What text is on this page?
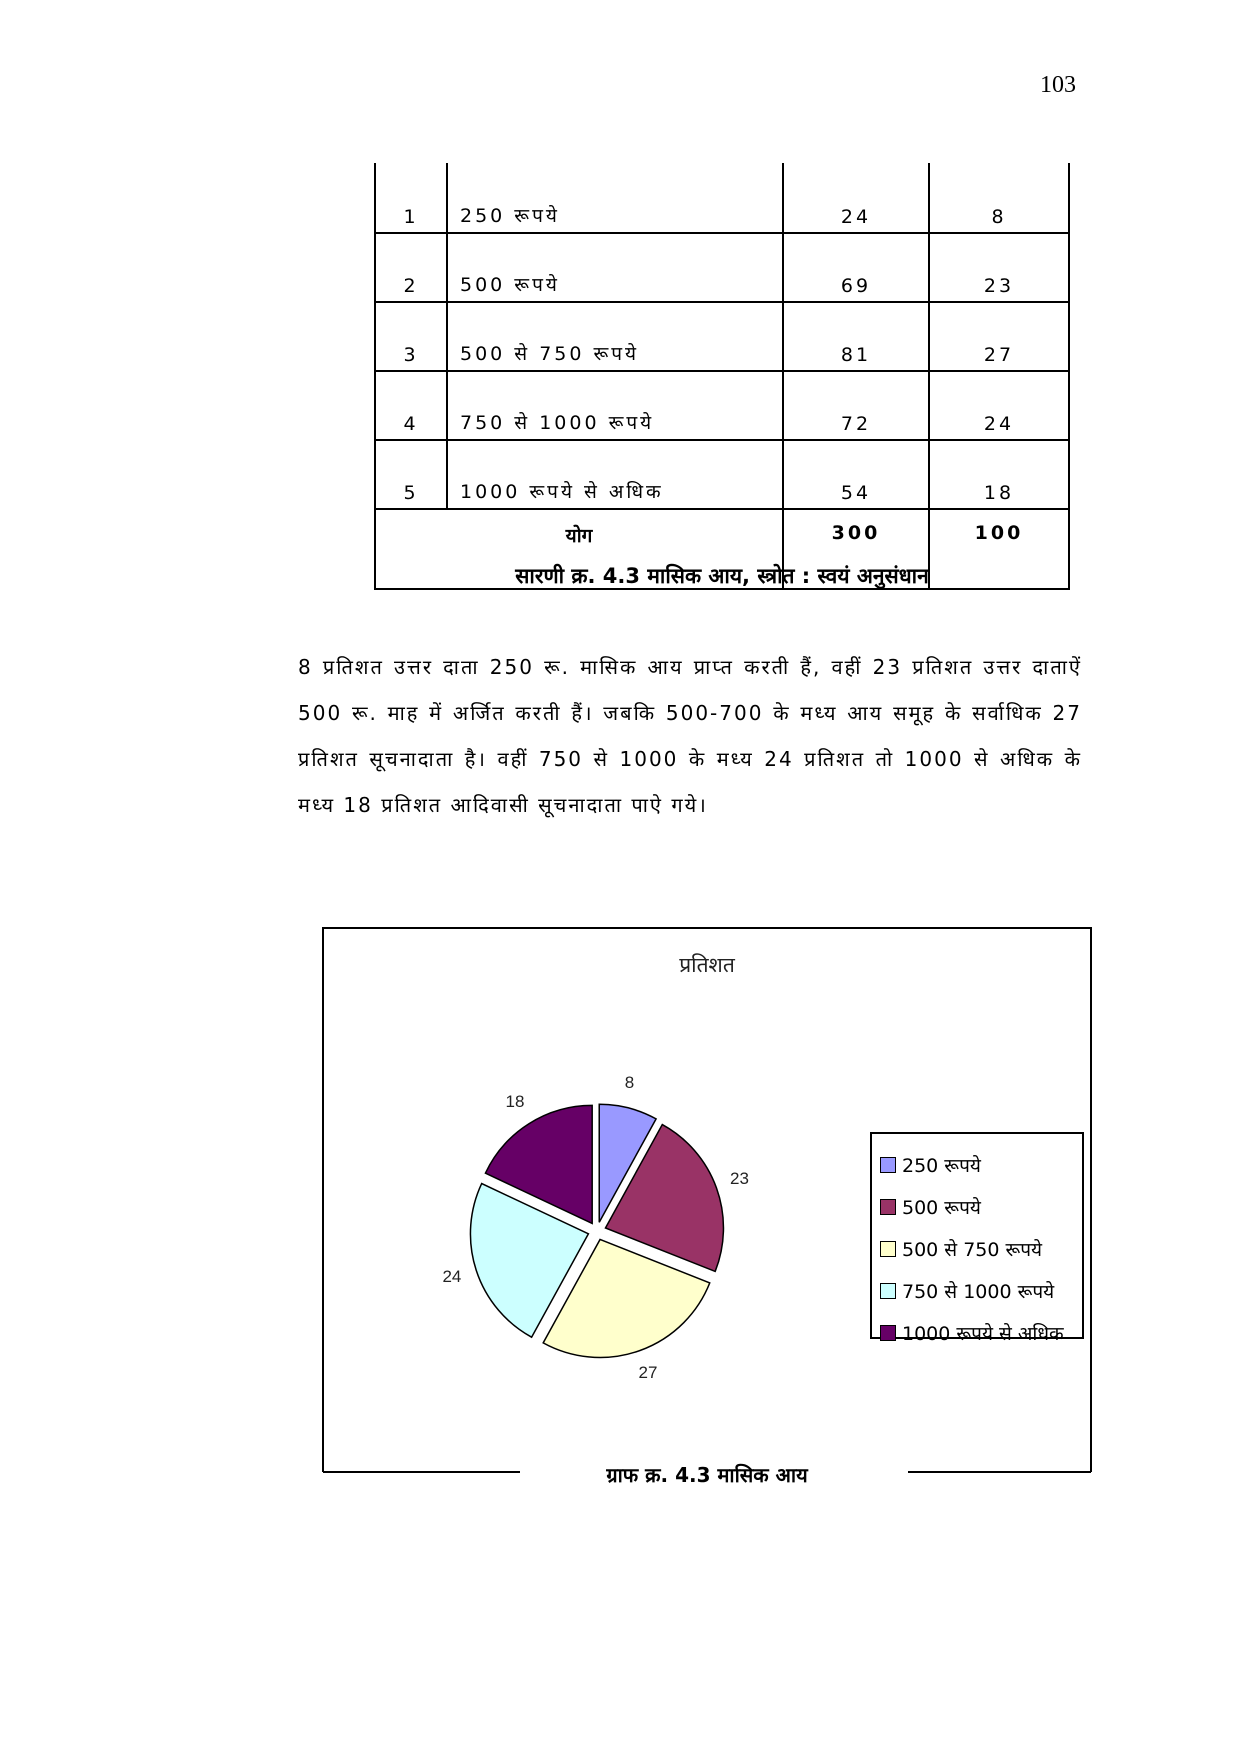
103
1	250 रूपये	24	8
2	500 रूपये	69	23
3	500 से 750 रूपये	81	27
4	750 से 1000 रूपये	72	24
5	1000 रूपये से अधिक	54	18
योग		300	100
सारणी क्र. 4.3 मासिक आय, स्त्रोत : स्वयं अनुसंधान
8 प्रतिशत उत्तर दाता 250 रू. मासिक आय प्राप्त करती हैं, वहीं 23 प्रतिशत उत्तर दाताऐं 500 रू. माह में अर्जित करती हैं। जबकि 500-700 के मध्य आय समूह के सर्वाधिक 27 प्रतिशत सूचनादाता है। वहीं 750 से 1000 के मध्य 24 प्रतिशत तो 1000 से अधिक के मध्य 18 प्रतिशत आदिवासी सूचनादाता पाऐ गये।
प्रतिशत
8
23
27
24
18
250 रूपये
500 रूपये
500 से 750 रूपये
750 से 1000 रूपये
1000 रूपये से अधिक
ग्राफ क्र. 4.3 मासिक आय
